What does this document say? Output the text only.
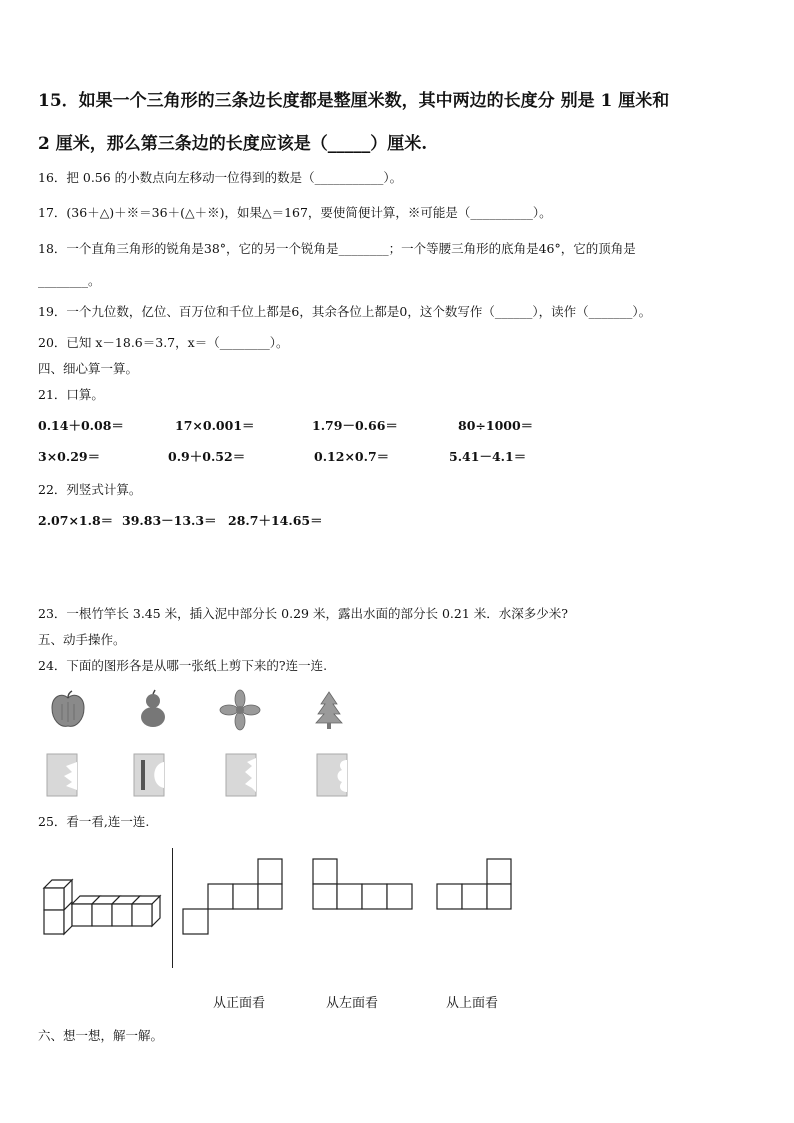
15．如果一个三角形的三条边长度都是整厘米数，其中两边的长度分 别是 1 厘米和
2 厘米，那么第三条边的长度应该是（_____）厘米.
16．把 0.56 的小数点向左移动一位得到的数是（___________）。
17．(36＋△)＋※＝36＋(△＋※)，如果△＝167，要使简便计算，※可能是（__________）。
18．一个直角三角形的锐角是38°，它的另一个锐角是________；一个等腰三角形的底角是46°，它的顶角是
________。
19．一个九位数，亿位、百万位和千位上都是6，其余各位上都是0，这个数写作（______），读作（_______）。
20．已知 x－18.6＝3.7，x＝（________）。
四、细心算一算。
21．口算。
0.14＋0.08＝	17×0.001＝	1.79－0.66＝	80÷1000＝
3×0.29＝	0.9＋0.52＝	0.12×0.7＝	5.41－4.1＝
22．列竖式计算。
2.07×1.8＝ 39.83－13.3＝ 28.7＋14.65＝
23．一根竹竿长 3.45 米，插入泥中部分长 0.29 米，露出水面的部分长 0.21 米．水深多少米?
五、动手操作。
24．下面的图形各是从哪一张纸上剪下来的?连一连.
25．看一看,连一连.
从正面看	从左面看	从上面看
六、想一想，解一解。
